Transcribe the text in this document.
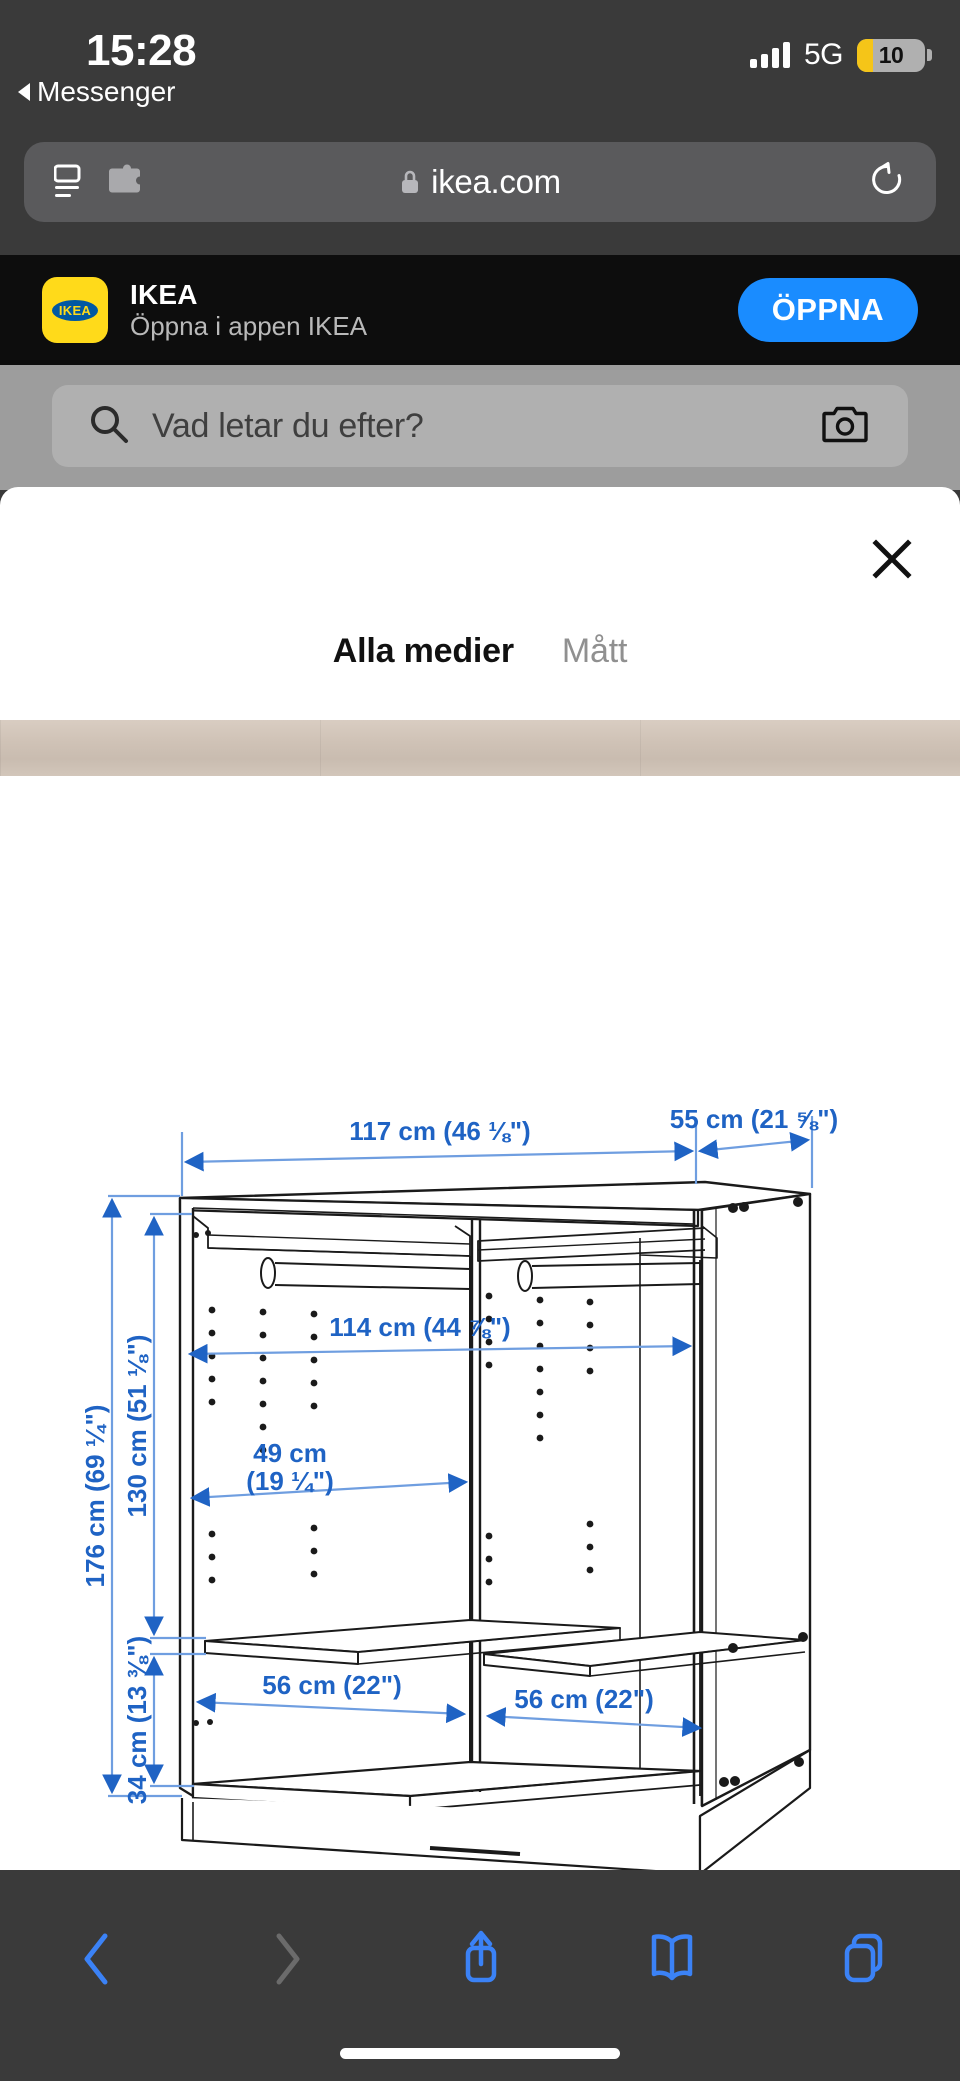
15:28
Messenger
5G 10
ikea.com
IKEA	IKEA
Öppna i appen IKEA	ÖPPNA
Vad letar du efter?
Alla medier Mått
117 cm (46 ⅛")	55 cm (21 ⅝")
176 cm (69 ¼") 130 cm (51 ⅛")
34 cm (13 ⅜")
114 cm (44 ⅞")
49 cm
(19 ¼")
56 cm (22")	56 cm (22")
